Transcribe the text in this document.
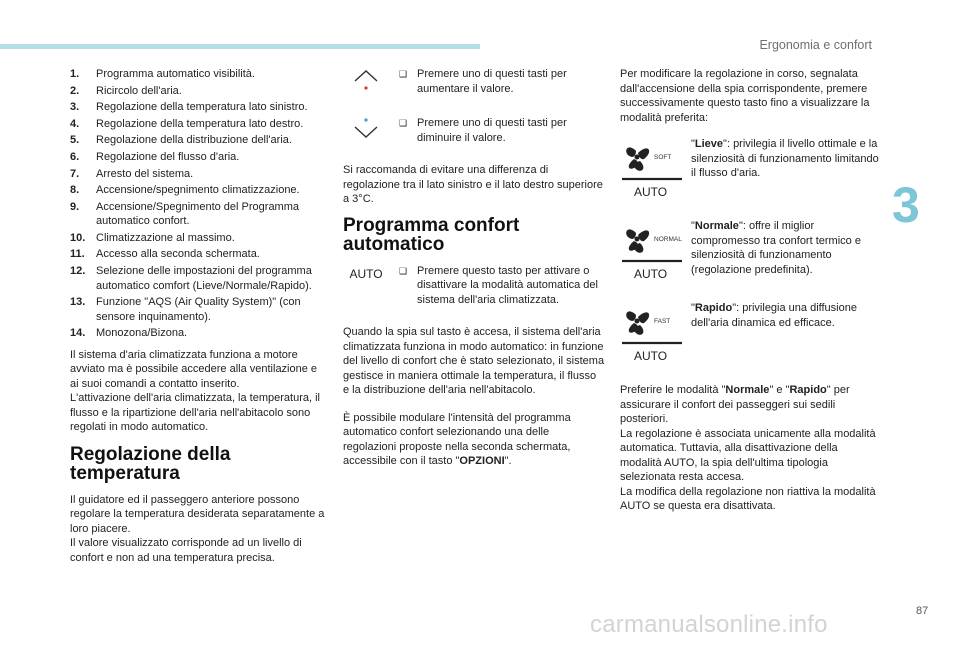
Ergonomia e confort
3
87
carmanualsonline.info
1.	Programma automatico visibilità.
2.	Ricircolo dell'aria.
3.	Regolazione della temperatura lato sinistro.
4.	Regolazione della temperatura lato destro.
5.	Regolazione della distribuzione dell'aria.
6.	Regolazione del flusso d'aria.
7.	Arresto del sistema.
8.	Accensione/spegnimento climatizzazione.
9.	Accensione/Spegnimento del Programma automatico confort.
10. Climatizzazione al massimo.
11.	Accesso alla seconda schermata.
12. Selezione delle impostazioni del programma automatico comfort (Lieve/Normale/Rapido).
13. Funzione "AQS (Air Quality System)" (con sensore inquinamento).
14. Monozona/Bizona.

Il sistema d'aria climatizzata funziona a motore avviato ma è possibile accedere alla ventilazione e ai suoi comandi a contatto inserito.
L'attivazione dell'aria climatizzata, la temperatura, il flusso e la ripartizione dell'aria nell'abitacolo sono regolati in modo automatico.

Regolazione della temperatura

Il guidatore ed il passeggero anteriore possono regolare la temperatura desiderata separatamente a loro piacere.
Il valore visualizzato corrisponde ad un livello di confort e non ad una temperatura precisa.

❑ Premere uno di questi tasti per aumentare il valore.
❑ Premere uno di questi tasti per diminuire il valore.

Si raccomanda di evitare una differenza di regolazione tra il lato sinistro e il lato destro superiore a 3°C.

Programma confort automatico
AUTO	❑ Premere questo tasto per attivare o disattivare la modalità automatica del sistema dell'aria climatizzata.

Quando la spia sul tasto è accesa, il sistema dell'aria climatizzata funziona in modo automatico: in funzione del livello di confort che è stato selezionato, il sistema gestisce in maniera ottimale la temperatura, il flusso e la distribuzione dell'aria nell'abitacolo.

È possibile modulare l'intensità del programma automatico confort selezionando una delle regolazioni proposte nella seconda schermata, accessibile con il tasto "OPZIONI".

Per modificare la regolazione in corso, segnalata dall'accensione della spia corrispondente, premere successivamente questo tasto fino a visualizzare la modalità preferita:

SOFT
AUTO
"Lieve": privilegia il livello ottimale e la silenziosità di funzionamento limitando il flusso d'aria.
NORMAL
AUTO
"Normale": offre il miglior compromesso tra confort termico e silenziosità di funzionamento (regolazione predefinita).
FAST
AUTO
"Rapido": privilegia una diffusione dell'aria dinamica ed efficace.

Preferire le modalità "Normale" e "Rapido" per assicurare il confort dei passeggeri sui sedili posteriori.

La regolazione è associata unicamente alla modalità automatica. Tuttavia, alla disattivazione della modalità AUTO, la spia dell'ultima tipologia selezionata resta accesa.
La modifica della regolazione non riattiva la modalità AUTO se questa era disattivata.
